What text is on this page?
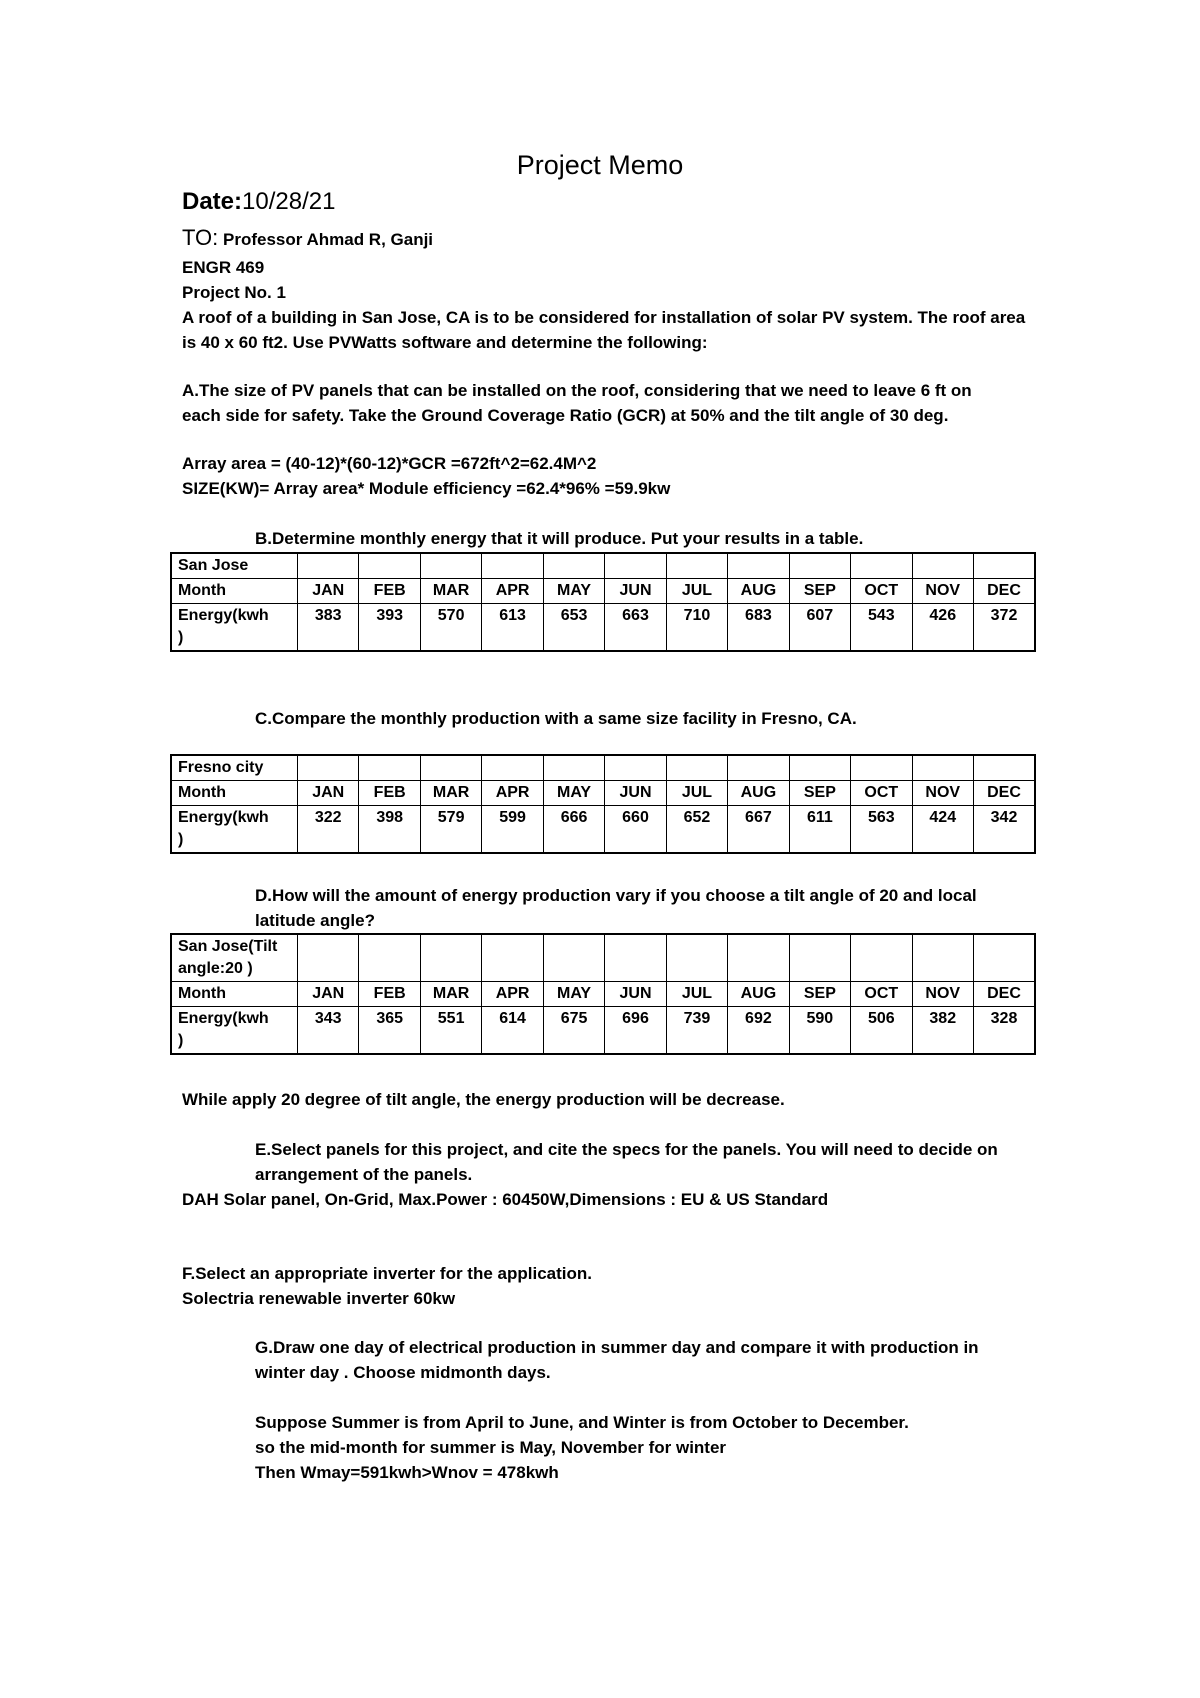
Project Memo
Date:10/28/21
TO: Professor Ahmad R, Ganji
ENGR 469
Project No. 1
A roof of a building in San Jose, CA is to be considered for installation of solar PV system. The roof area
is 40 x 60 ft2. Use PVWatts software and determine the following:
A.The size of PV panels that can be installed on the roof, considering that we need to leave 6 ft on
each side for safety. Take the Ground Coverage Ratio (GCR) at 50% and the tilt angle of 30 deg.
Array area = (40-12)*(60-12)*GCR =672ft^2=62.4M^2
SIZE(KW)= Array area* Module efficiency =62.4*96% =59.9kw
B.Determine monthly energy that it will produce. Put your results in a table.
San Jose												
Month	JAN	FEB	MAR	APR	MAY	JUN	JUL	AUG	SEP	OCT	NOV	DEC
Energy(kwh
)	383	393	570	613	653	663	710	683	607	543	426	372
C.Compare the monthly production with a same size facility in Fresno, CA.
Fresno city												
Month	JAN	FEB	MAR	APR	MAY	JUN	JUL	AUG	SEP	OCT	NOV	DEC
Energy(kwh
)	322	398	579	599	666	660	652	667	611	563	424	342
D.How will the amount of energy production vary if you choose a tilt angle of 20 and local
latitude angle?
San Jose(Tilt
angle:20 )												
Month	JAN	FEB	MAR	APR	MAY	JUN	JUL	AUG	SEP	OCT	NOV	DEC
Energy(kwh
)	343	365	551	614	675	696	739	692	590	506	382	328
While apply 20 degree of tilt angle, the energy production will be decrease.
E.Select panels for this project, and cite the specs for the panels. You will need to decide on
arrangement of the panels.
DAH Solar panel, On-Grid, Max.Power : 60450W,Dimensions : EU & US Standard
F.Select an appropriate inverter for the application.
Solectria renewable inverter 60kw
G.Draw one day of electrical production in summer day and compare it with production in
winter day . Choose midmonth days.
Suppose Summer is from April to June, and Winter is from October to December.
so the mid-month for summer is May, November for winter
Then Wmay=591kwh>Wnov = 478kwh
